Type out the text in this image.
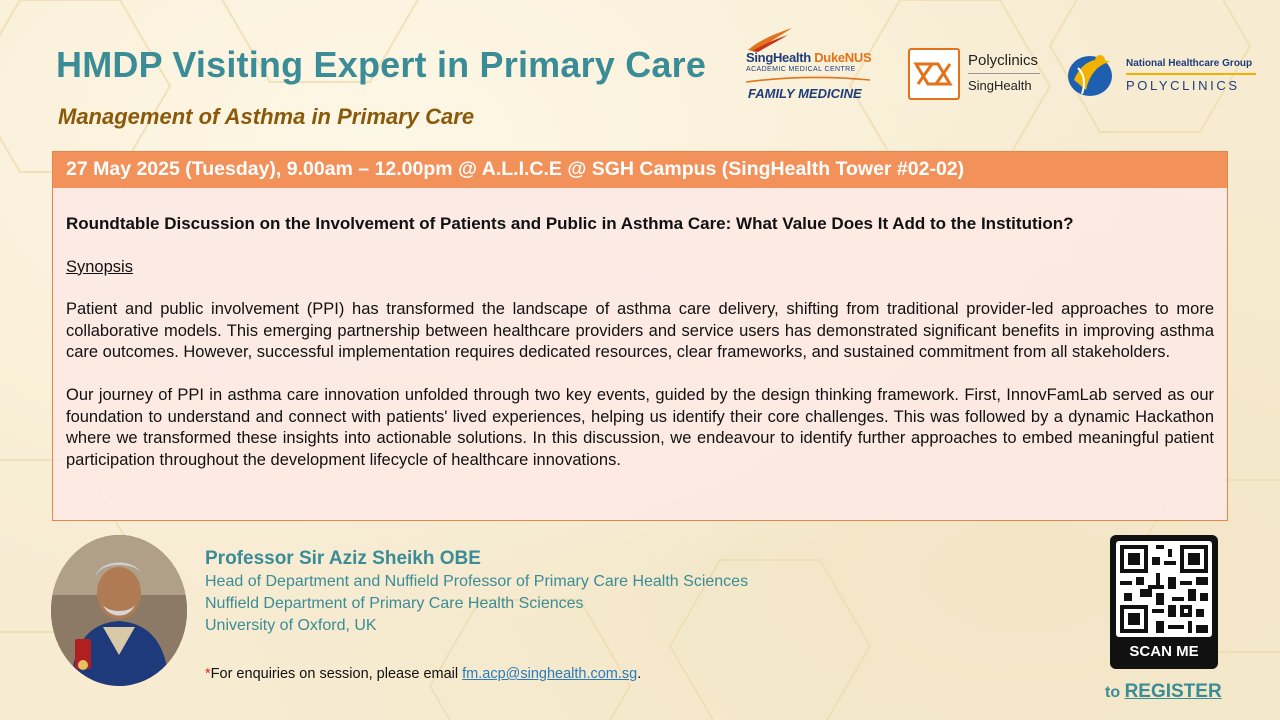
HMDP Visiting Expert in Primary Care
Management of Asthma in Primary Care
SingHealth DukeNUS
ACADEMIC MEDICAL CENTRE
FAMILY MEDICINE
Polyclinics
SingHealth
National Healthcare Group
POLYCLINICS
27 May 2025 (Tuesday), 9.00am – 12.00pm @ A.L.I.C.E @ SGH Campus (SingHealth Tower #02-02)
Roundtable Discussion on the Involvement of Patients and Public in Asthma Care: What Value Does It Add to the Institution?
Synopsis
Patient and public involvement (PPI) has transformed the landscape of asthma care delivery, shifting from traditional provider-led approaches to more collaborative models. This emerging partnership between healthcare providers and service users has demonstrated significant benefits in improving asthma care outcomes. However, successful implementation requires dedicated resources, clear frameworks, and sustained commitment from all stakeholders.
Our journey of PPI in asthma care innovation unfolded through two key events, guided by the design thinking framework. First, InnovFamLab served as our foundation to understand and connect with patients' lived experiences, helping us identify their core challenges. This was followed by a dynamic Hackathon where we transformed these insights into actionable solutions. In this discussion, we endeavour to identify further approaches to embed meaningful patient participation throughout the development lifecycle of healthcare innovations.
Professor Sir Aziz Sheikh OBE
Head of Department and Nuffield Professor of Primary Care Health Sciences
Nuffield Department of Primary Care Health Sciences
University of Oxford, UK
*For enquiries on session, please email fm.acp@singhealth.com.sg.
SCAN ME
to REGISTER
